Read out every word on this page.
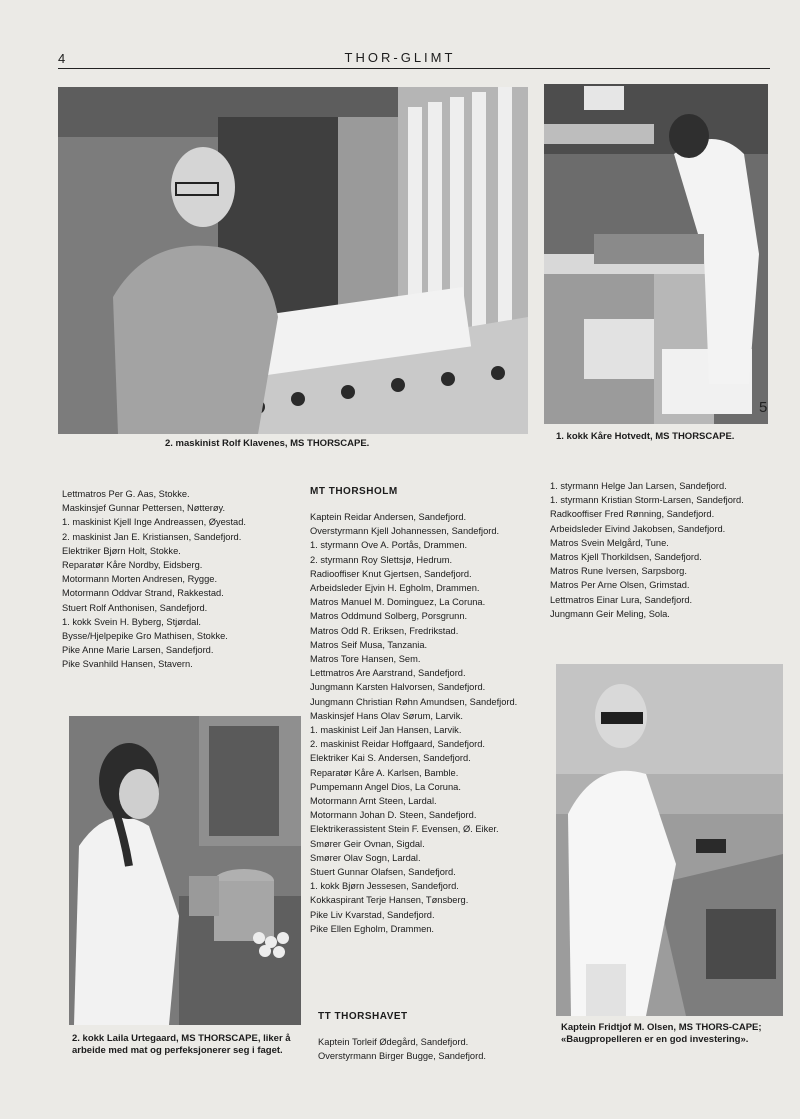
4	THOR-GLIMT
2. maskinist Rolf Klavenes, MS THORSCAPE.
5
1. kokk Kåre Hotvedt, MS THORSCAPE.
Lettmatros Per G. Aas, Stokke.
Maskinsjef Gunnar Pettersen, Nøtterøy.
1. maskinist Kjell Inge Andreassen, Øyestad.
2. maskinist Jan E. Kristiansen, Sandefjord.
Elektriker Bjørn Holt, Stokke.
Reparatør Kåre Nordby, Eidsberg.
Motormann Morten Andresen, Rygge.
Motormann Oddvar Strand, Rakkestad.
Stuert Rolf Anthonisen, Sandefjord.
1. kokk Svein H. Byberg, Stjørdal.
Bysse/Hjelpepike Gro Mathisen, Stokke.
Pike Anne Marie Larsen, Sandefjord.
Pike Svanhild Hansen, Stavern.
MT THORSHOLM
Kaptein Reidar Andersen, Sandefjord.
Overstyrmann Kjell Johannessen, Sandefjord.
1. styrmann Ove A. Portås, Drammen.
2. styrmann Roy Slettsjø, Hedrum.
Radiooffiser Knut Gjertsen, Sandefjord.
Arbeidsleder Ejvin H. Egholm, Drammen.
Matros Manuel M. Dominguez, La Coruna.
Matros Oddmund Solberg, Porsgrunn.
Matros Odd R. Eriksen, Fredrikstad.
Matros Seif Musa, Tanzania.
Matros Tore Hansen, Sem.
Lettmatros Are Aarstrand, Sandefjord.
Jungmann Karsten Halvorsen, Sandefjord.
Jungmann Christian Røhn Amundsen, Sandefjord.
Maskinsjef Hans Olav Sørum, Larvik.
1. maskinist Leif Jan Hansen, Larvik.
2. maskinist Reidar Hoffgaard, Sandefjord.
Elektriker Kai S. Andersen, Sandefjord.
Reparatør Kåre A. Karlsen, Bamble.
Pumpemann Angel Dios, La Coruna.
Motormann Arnt Steen, Lardal.
Motormann Johan D. Steen, Sandefjord.
Elektrikerassistent Stein F. Evensen, Ø. Eiker.
Smører Geir Ovnan, Sigdal.
Smører Olav Sogn, Lardal.
Stuert Gunnar Olafsen, Sandefjord.
1. kokk Bjørn Jessesen, Sandefjord.
Kokkaspirant Terje Hansen, Tønsberg.
Pike Liv Kvarstad, Sandefjord.
Pike Ellen Egholm, Drammen.
TT THORSHAVET
Kaptein Torleif Ødegård, Sandefjord.
Overstyrmann Birger Bugge, Sandefjord.
1. styrmann Helge Jan Larsen, Sandefjord.
1. styrmann Kristian Storm-Larsen, Sandefjord.
Radkooffiser Fred Rønning, Sandefjord.
Arbeidsleder Eivind Jakobsen, Sandefjord.
Matros Svein Melgård, Tune.
Matros Kjell Thorkildsen, Sandefjord.
Matros Rune Iversen, Sarpsborg.
Matros Per Arne Olsen, Grimstad.
Lettmatros Einar Lura, Sandefjord.
Jungmann Geir Meling, Sola.
2. kokk Laila Urtegaard, MS THORSCAPE, liker å arbeide med mat og perfeksjonerer seg i faget.
Kaptein Fridtjof M. Olsen, MS THORS-CAPE; «Baugpropelleren er en god investering».
